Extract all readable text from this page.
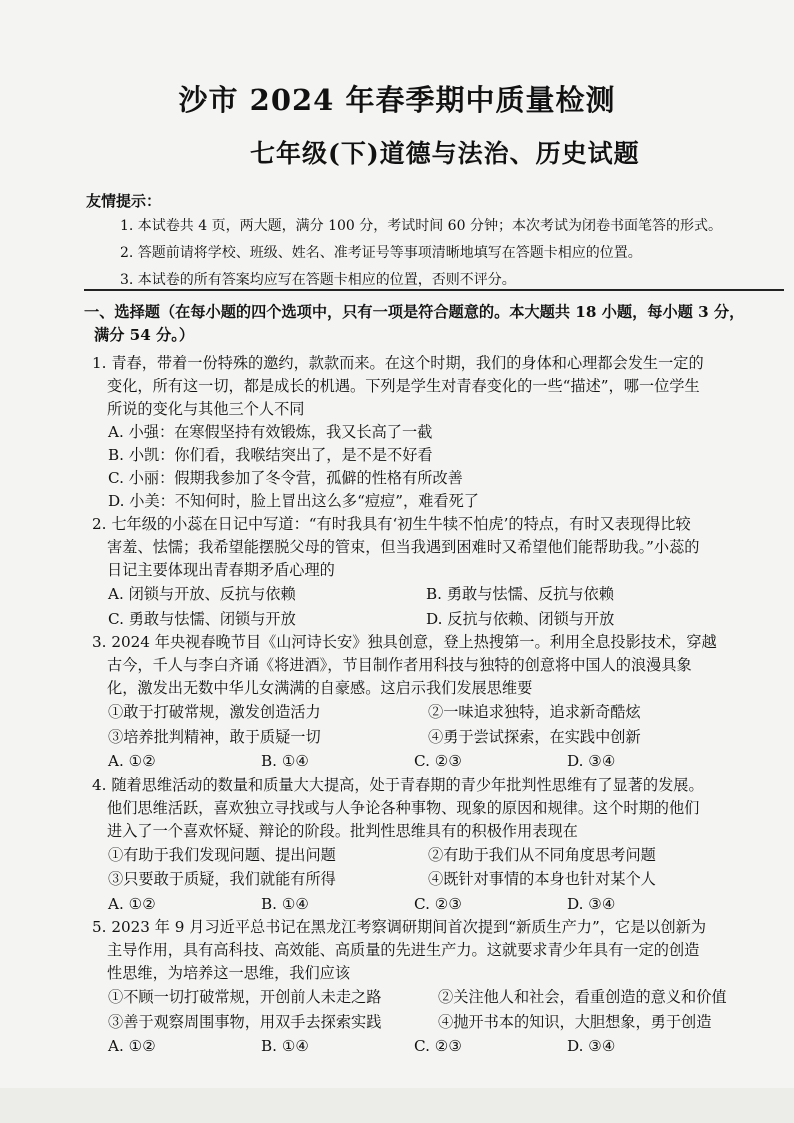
沙市 2024 年春季期中质量检测
七年级(下)道德与法治、历史试题
友情提示：
1. 本试卷共 4 页，两大题，满分 100 分，考试时间 60 分钟；本次考试为闭卷书面笔答的形式。
2. 答题前请将学校、班级、姓名、准考证号等事项清晰地填写在答题卡相应的位置。
3. 本试卷的所有答案均应写在答题卡相应的位置，否则不评分。
一、选择题（在每小题的四个选项中，只有一项是符合题意的。本大题共 18 小题，每小题 3 分，
满分 54 分。）
1. 青春，带着一份特殊的邀约，款款而来。在这个时期，我们的身体和心理都会发生一定的
变化，所有这一切，都是成长的机遇。下列是学生对青春变化的一些“描述”，哪一位学生
所说的变化与其他三个人不同
A. 小强：在寒假坚持有效锻炼，我又长高了一截
B. 小凯：你们看，我喉结突出了，是不是不好看
C. 小丽：假期我参加了冬令营，孤僻的性格有所改善
D. 小美：不知何时，脸上冒出这么多“痘痘”，难看死了
2. 七年级的小蕊在日记中写道：“有时我具有‘初生牛犊不怕虎’的特点，有时又表现得比较
害羞、怯懦；我希望能摆脱父母的管束，但当我遇到困难时又希望他们能帮助我。”小蕊的
日记主要体现出青春期矛盾心理的
A. 闭锁与开放、反抗与依赖	B. 勇敢与怯懦、反抗与依赖
C. 勇敢与怯懦、闭锁与开放	D. 反抗与依赖、闭锁与开放
3. 2024 年央视春晚节目《山河诗长安》独具创意，登上热搜第一。利用全息投影技术，穿越
古今，千人与李白齐诵《将进酒》，节目制作者用科技与独特的创意将中国人的浪漫具象
化，激发出无数中华儿女满满的自豪感。这启示我们发展思维要
①敢于打破常规，激发创造活力	②一味追求独特，追求新奇酷炫
③培养批判精神，敢于质疑一切	④勇于尝试探索，在实践中创新
A. ①②	B. ①④	C. ②③	D. ③④
4. 随着思维活动的数量和质量大大提高，处于青春期的青少年批判性思维有了显著的发展。
他们思维活跃，喜欢独立寻找或与人争论各种事物、现象的原因和规律。这个时期的他们
进入了一个喜欢怀疑、辩论的阶段。批判性思维具有的积极作用表现在
①有助于我们发现问题、提出问题	②有助于我们从不同角度思考问题
③只要敢于质疑，我们就能有所得	④既针对事情的本身也针对某个人
A. ①②	B. ①④	C. ②③	D. ③④
5. 2023 年 9 月习近平总书记在黑龙江考察调研期间首次提到“新质生产力”，它是以创新为
主导作用，具有高科技、高效能、高质量的先进生产力。这就要求青少年具有一定的创造
性思维，为培养这一思维，我们应该
①不顾一切打破常规，开创前人未走之路	②关注他人和社会，看重创造的意义和价值
③善于观察周围事物，用双手去探索实践	④抛开书本的知识，大胆想象，勇于创造
A. ①②	B. ①④	C. ②③	D. ③④
